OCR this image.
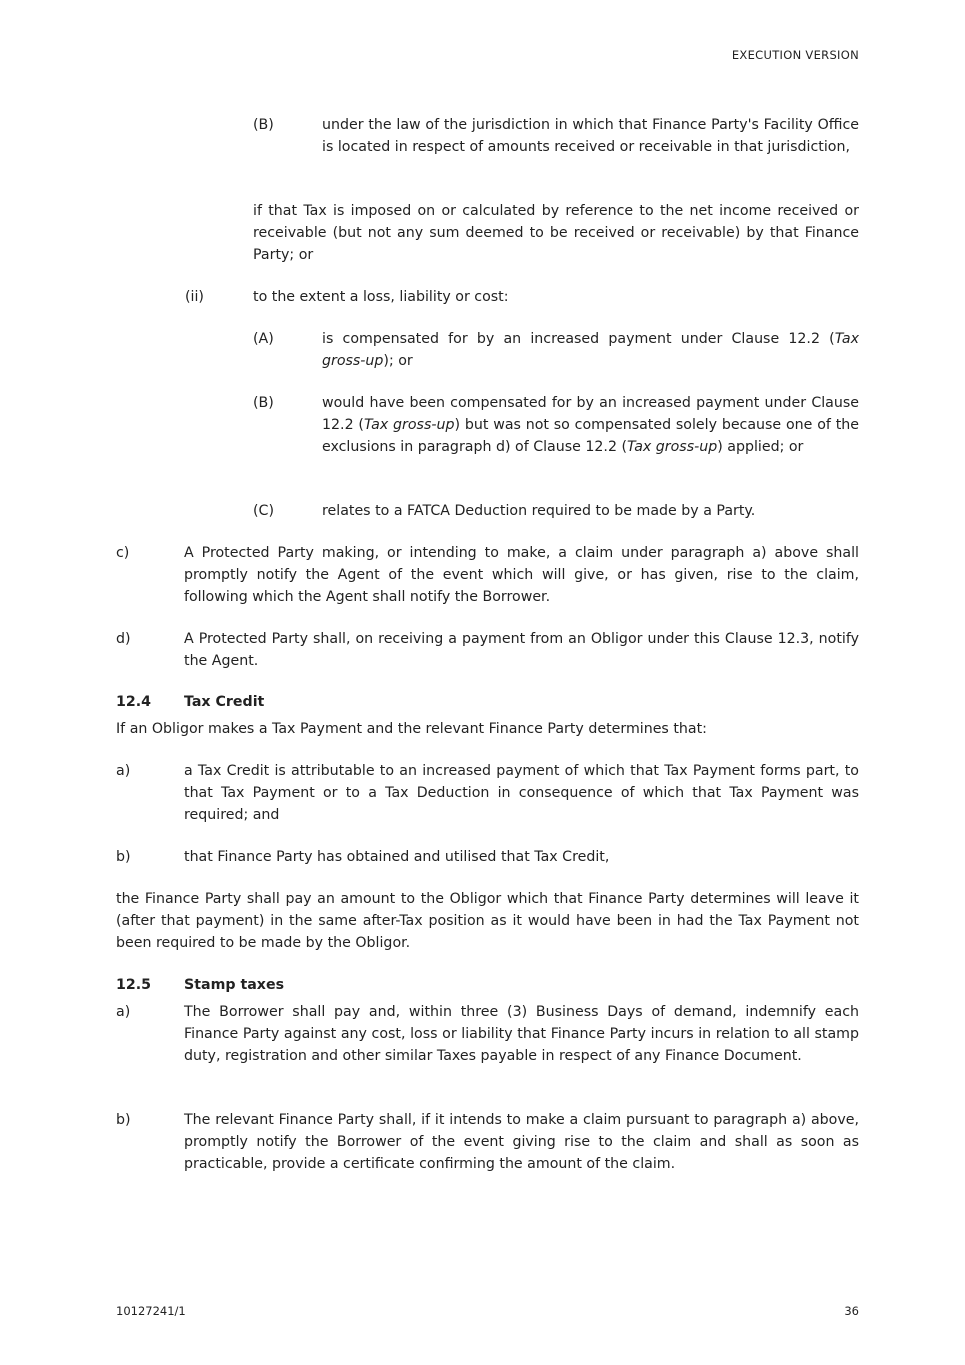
EXECUTION VERSION
(B)	under the law of the jurisdiction in which that Finance Party's Facility Office is located in respect of amounts received or receivable in that jurisdiction,
if that Tax is imposed on or calculated by reference to the net income received or receivable (but not any sum deemed to be received or receivable) by that Finance Party; or
(ii)	to the extent a loss, liability or cost:
(A)	is compensated for by an increased payment under Clause 12.2 (Tax gross-up); or
(B)	would have been compensated for by an increased payment under Clause 12.2 (Tax gross-up) but was not so compensated solely because one of the exclusions in paragraph d) of Clause 12.2 (Tax gross-up) applied; or
(C)	relates to a FATCA Deduction required to be made by a Party.
c)	A Protected Party making, or intending to make, a claim under paragraph a) above shall promptly notify the Agent of the event which will give, or has given, rise to the claim, following which the Agent shall notify the Borrower.
d)	A Protected Party shall, on receiving a payment from an Obligor under this Clause 12.3, notify the Agent.
12.4 Tax Credit
If an Obligor makes a Tax Payment and the relevant Finance Party determines that:
a)	a Tax Credit is attributable to an increased payment of which that Tax Payment forms part, to that Tax Payment or to a Tax Deduction in consequence of which that Tax Payment was required; and
b)	that Finance Party has obtained and utilised that Tax Credit,
the Finance Party shall pay an amount to the Obligor which that Finance Party determines will leave it (after that payment) in the same after-Tax position as it would have been in had the Tax Payment not been required to be made by the Obligor.
12.5 Stamp taxes
a)	The Borrower shall pay and, within three (3) Business Days of demand, indemnify each Finance Party against any cost, loss or liability that Finance Party incurs in relation to all stamp duty, registration and other similar Taxes payable in respect of any Finance Document.
b)	The relevant Finance Party shall, if it intends to make a claim pursuant to paragraph a) above, promptly notify the Borrower of the event giving rise to the claim and shall as soon as practicable, provide a certificate confirming the amount of the claim.
10127241/1	36
